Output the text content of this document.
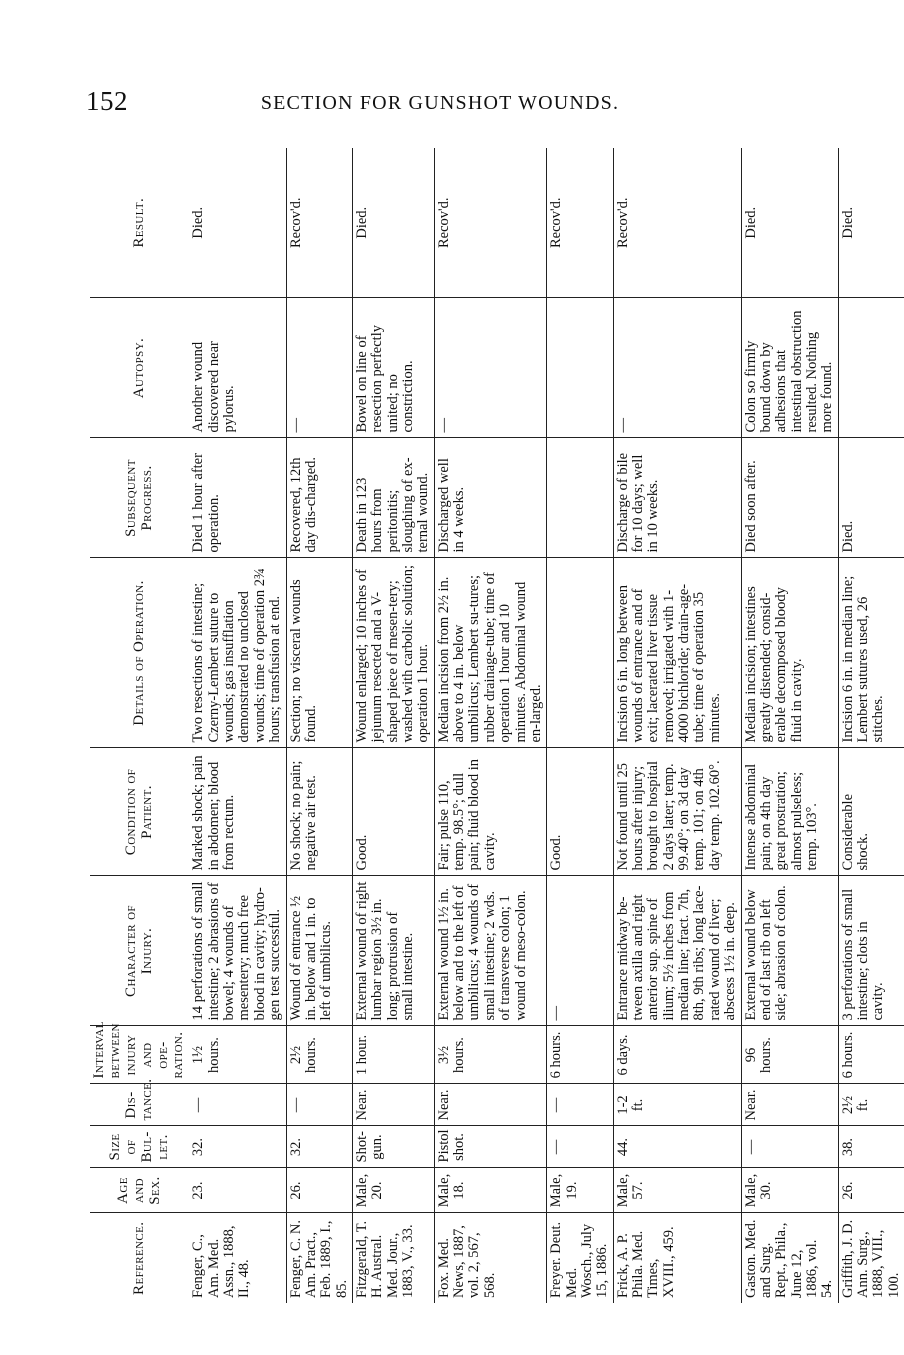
152	SECTION FOR GUNSHOT WOUNDS.
Reference.	Age and Sex.	Size of Bul-let.	Dis-tance.	Interval between injury and ope-ration.	Character of Injury.	Condition of Patient.	Details of Operation.	Subsequent Progress.	Autopsy.	Result.
Fenger, C., Am. Med. Assn., 1888, II., 48.	23.	32.	—	1½ hours.	14 perforations of small intestine; 2 abrasions of bowel; 4 wounds of mesentery; much free blood in cavity; hydro-gen test successful.	Marked shock; pain in abdomen; blood from rectum.	Two resections of intestine; Czerny-Lembert suture to wounds; gas insufflation demonstrated no unclosed wounds; time of operation 2¾ hours; transfusion at end.	Died 1 hour after operation.	Another wound discovered near pylorus.	Died.
Fenger, C. N. Am. Pract., Feb. 1889, I., 85.	26.	32.	—	2½ hours.	Wound of entrance ½ in. below and 1 in. to left of umbilicus.	No shock; no pain; negative air test.	Section; no visceral wounds found.	Recovered, 12th day dis-charged.	—	Recov'd.
Fitzgerald, T. H. Austral. Med. Jour., 1883, V., 33.	Male, 20.	Shot-gun.	Near.	1 hour.	External wound of right lumbar region 3½ in. long; protrusion of small intestine.	Good.	Wound enlarged; 10 inches of jejunum resected and a V-shaped piece of mesen-tery; washed with carbolic solution; operation 1 hour.	Death in 123 hours from peritonitis; sloughing of ex-ternal wound.	Bowel on line of resection perfectly united; no constriction.	Died.
Fox. Med. News, 1887, vol. 2, 567, 568.	Male, 18.	Pistol shot.	Near.	3½ hours.	External wound 1½ in. below and to the left of umbilicus; 4 wounds of small intestine; 2 wds. of transverse colon; 1 wound of meso-colon.	Fair; pulse 110, temp. 98.5°; dull pain; fluid blood in cavity.	Median incision from 2½ in. above to 4 in. below umbilicus; Lembert su-tures; rubber drainage-tube; time of operation 1 hour and 10 minutes. Abdominal wound en-larged.	Discharged well in 4 weeks.	—	Recov'd.
Freyer. Deut. Med. Wosch., July 15, 1886.	Male, 19.	—	—	6 hours.	—	Good.				Recov'd.
Frick, A. P. Phila. Med. Times, XVIII., 459.	Male, 57.	44.	1-2 ft.	6 days.	Entrance midway be-tween axilla and right anterior sup. spine of ilium; 5½ inches from median line; fract. 7th, 8th, 9th ribs; long lace-rated wound of liver; abscess 1½ in. deep.	Not found until 25 hours after injury; brought to hospital 2 days later; temp. 99.40°; on 3d day temp. 101; on 4th day temp. 102.60°.	Incision 6 in. long between wounds of entrance and of exit; lacerated liver tissue removed; irrigated with 1-4000 bichloride; drain-age-tube; time of operation 35 minutes.	Discharge of bile for 10 days; well in 10 weeks.	—	Recov'd.
Gaston. Med. and Surg. Rept., Phila., June 12, 1886, vol. 54.	Male, 30.	—	Near.	96 hours.	External wound below end of last rib on left side; abrasion of colon.	Intense abdominal pain; on 4th day great prostration; almost pulseless; temp. 103°.	Median incision; intestines greatly distended; consid-erable decomposed bloody fluid in cavity.	Died soon after.	Colon so firmly bound down by adhesions that intestinal obstruction resulted. Nothing more found.	Died.
Griffith, J. D. Ann. Surg., 1888, VIII., 100.	26.	38.	2½ ft.	6 hours.	3 perforations of small intestine; clots in cavity.	Considerable shock.	Incision 6 in. in median line; Lembert sutures used, 26 stitches.	Died.		Died.
